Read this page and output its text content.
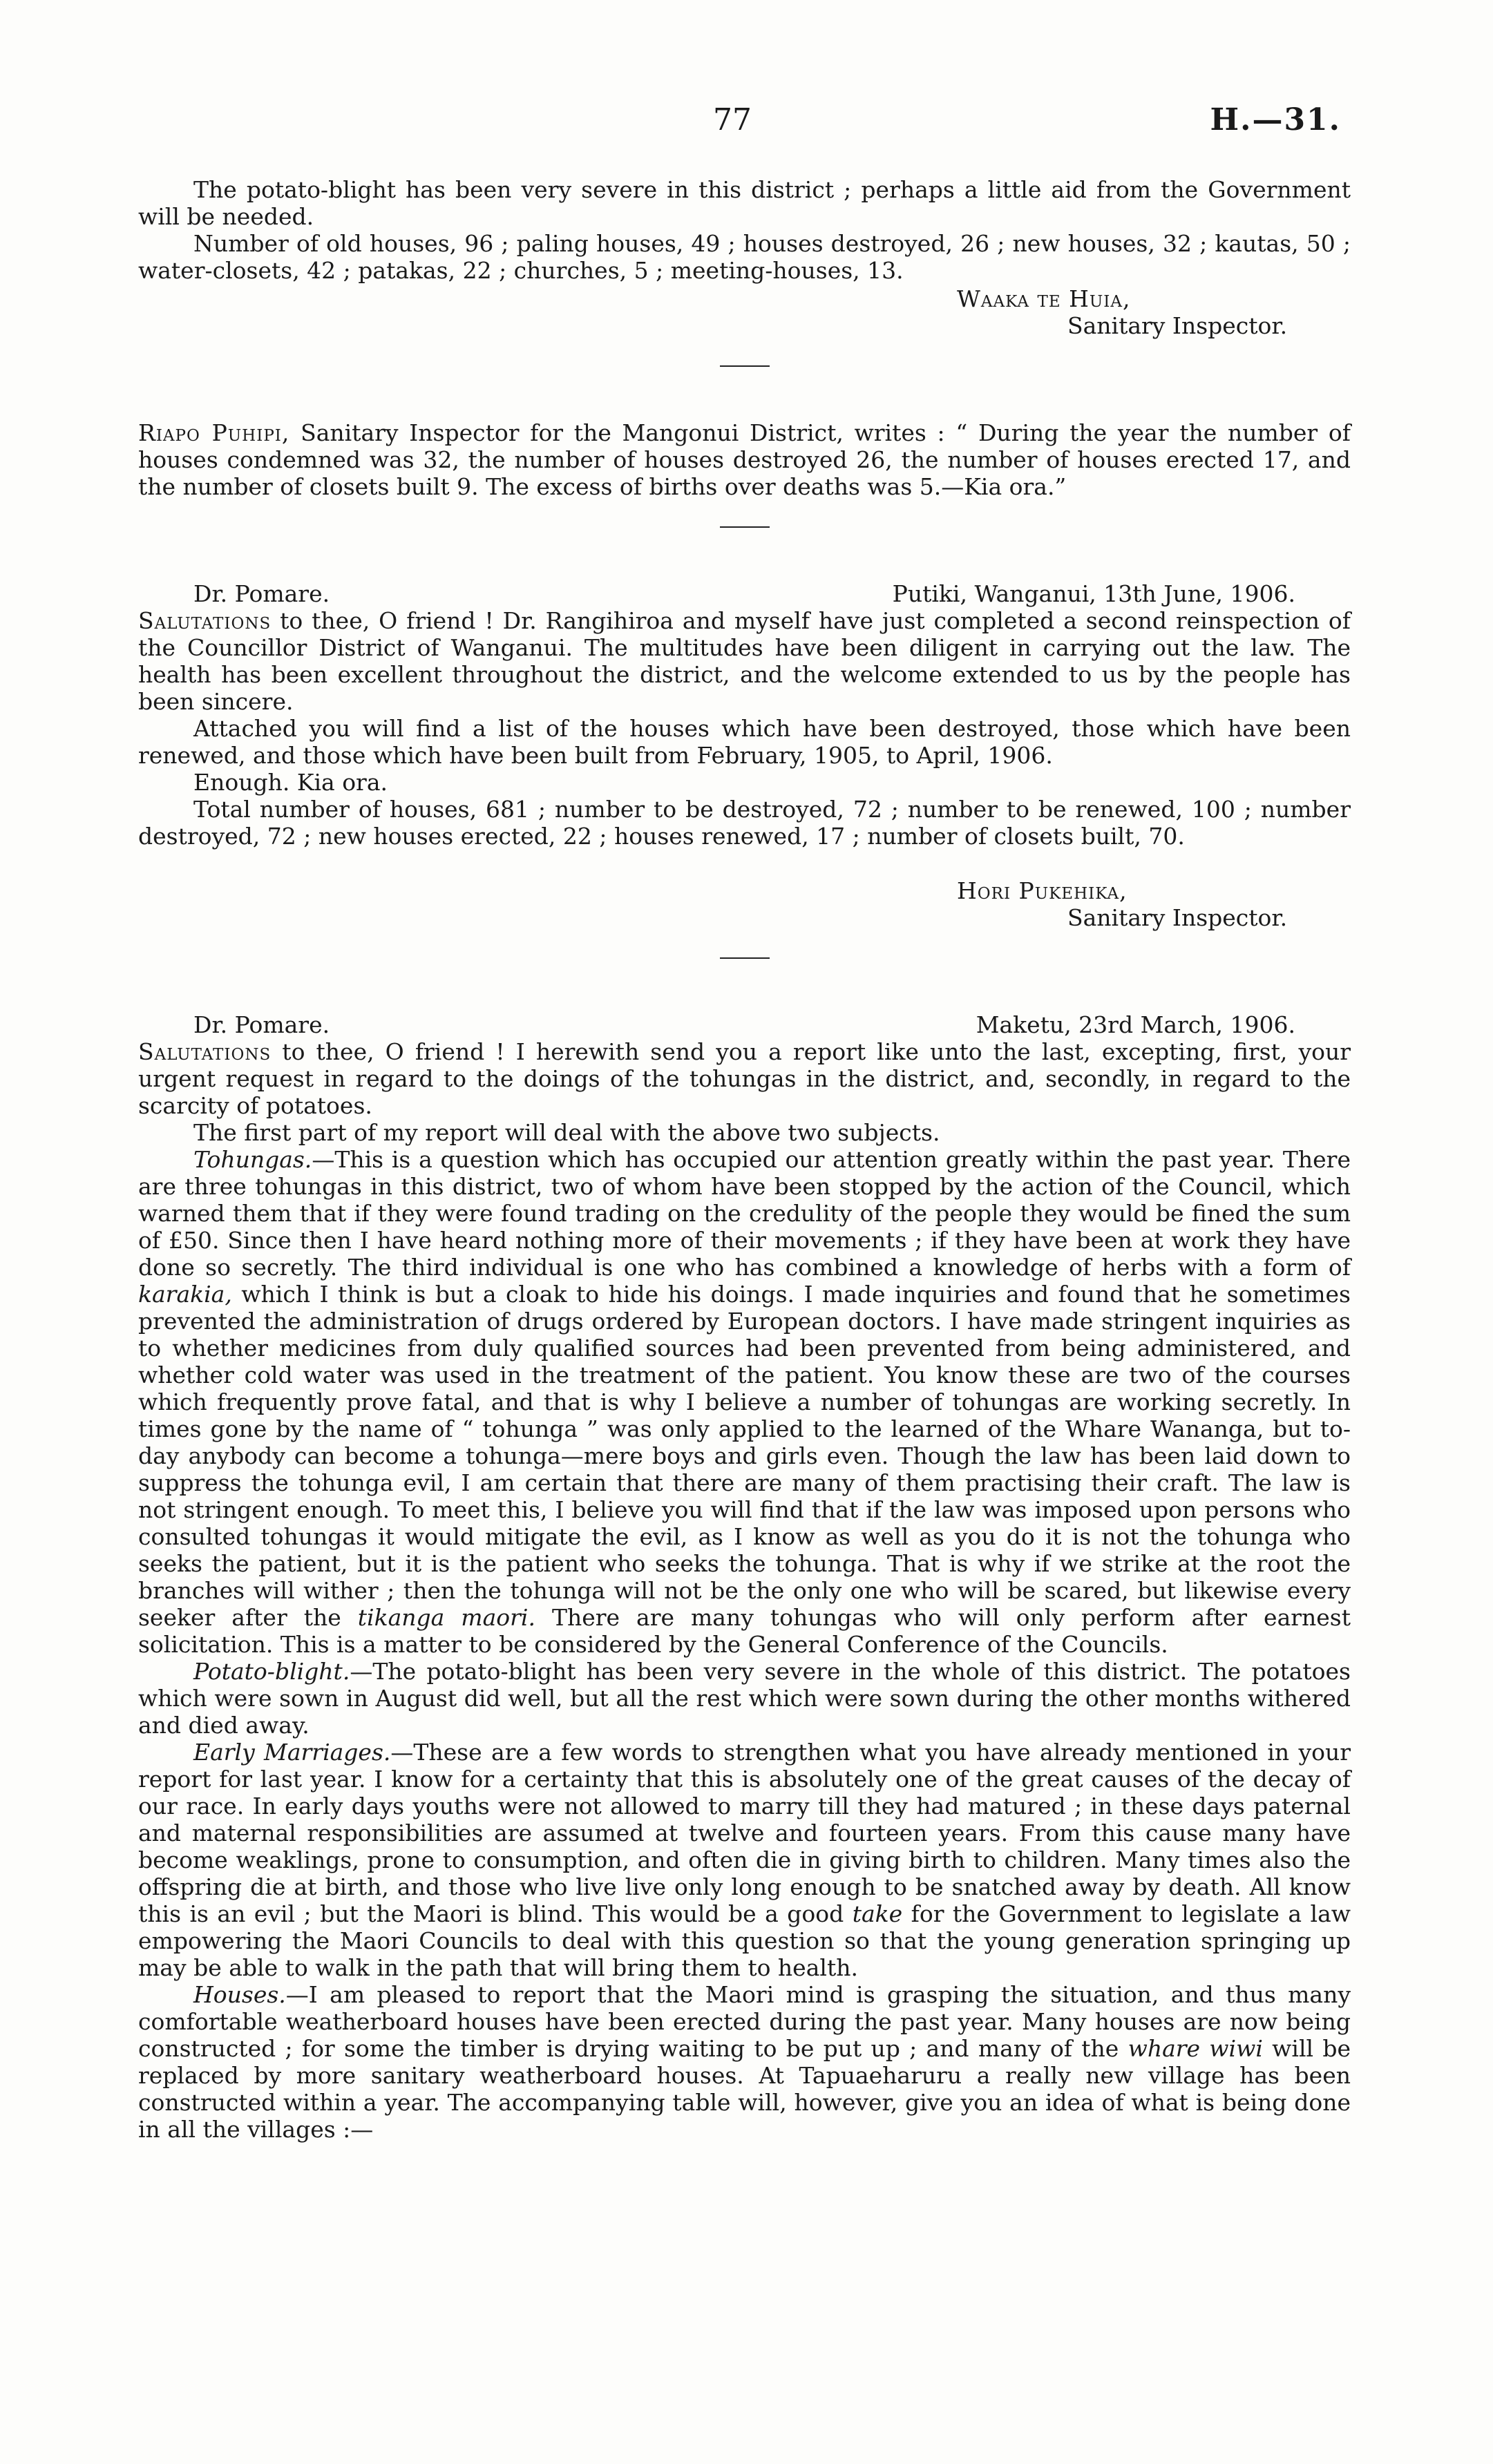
77	H.—31.

The potato-blight has been very severe in this district ; perhaps a little aid from the Government will be needed.

Number of old houses, 96 ; paling houses, 49 ; houses destroyed, 26 ; new houses, 32 ; kautas, 50 ; water-closets, 42 ; patakas, 22 ; churches, 5 ; meeting-houses, 13.

Waaka te Huia,
Sanitary Inspector.

Riapo Puhipi, Sanitary Inspector for the Mangonui District, writes : “ During the year the number of houses condemned was 32, the number of houses destroyed 26, the number of houses erected 17, and the number of closets built 9. The excess of births over deaths was 5.—Kia ora.”

Dr. Pomare.	Putiki, Wanganui, 13th June, 1906.

Salutations to thee, O friend ! Dr. Rangihiroa and myself have just completed a second reinspection of the Councillor District of Wanganui. The multitudes have been diligent in carrying out the law. The health has been excellent throughout the district, and the welcome extended to us by the people has been sincere.

Attached you will find a list of the houses which have been destroyed, those which have been renewed, and those which have been built from February, 1905, to April, 1906.

Enough. Kia ora.

Total number of houses, 681 ; number to be destroyed, 72 ; number to be renewed, 100 ; number destroyed, 72 ; new houses erected, 22 ; houses renewed, 17 ; number of closets built, 70.

Hori Pukehika,
Sanitary Inspector.
Dr. Pomare.	Maketu, 23rd March, 1906.

Salutations to thee, O friend ! I herewith send you a report like unto the last, excepting, first, your urgent request in regard to the doings of the tohungas in the district, and, secondly, in regard to the scarcity of potatoes.

The first part of my report will deal with the above two subjects.

Tohungas.—This is a question which has occupied our attention greatly within the past year. There are three tohungas in this district, two of whom have been stopped by the action of the Council, which warned them that if they were found trading on the credulity of the people they would be fined the sum of £50. Since then I have heard nothing more of their movements ; if they have been at work they have done so secretly. The third individual is one who has combined a knowledge of herbs with a form of karakia, which I think is but a cloak to hide his doings. I made inquiries and found that he sometimes prevented the administration of drugs ordered by European doctors. I have made stringent inquiries as to whether medicines from duly qualified sources had been prevented from being administered, and whether cold water was used in the treatment of the patient. You know these are two of the courses which frequently prove fatal, and that is why I believe a number of tohungas are working secretly. In times gone by the name of “ tohunga ” was only applied to the learned of the Whare Wananga, but to-day anybody can become a tohunga—mere boys and girls even. Though the law has been laid down to suppress the tohunga evil, I am certain that there are many of them practising their craft. The law is not stringent enough. To meet this, I believe you will find that if the law was imposed upon persons who consulted tohungas it would mitigate the evil, as I know as well as you do it is not the tohunga who seeks the patient, but it is the patient who seeks the tohunga. That is why if we strike at the root the branches will wither ; then the tohunga will not be the only one who will be scared, but likewise every seeker after the tikanga maori. There are many tohungas who will only perform after earnest solicitation. This is a matter to be considered by the General Conference of the Councils.

Potato-blight.—The potato-blight has been very severe in the whole of this district. The potatoes which were sown in August did well, but all the rest which were sown during the other months withered and died away.

Early Marriages.—These are a few words to strengthen what you have already mentioned in your report for last year. I know for a certainty that this is absolutely one of the great causes of the decay of our race. In early days youths were not allowed to marry till they had matured ; in these days paternal and maternal responsibilities are assumed at twelve and fourteen years. From this cause many have become weaklings, prone to consumption, and often die in giving birth to children. Many times also the offspring die at birth, and those who live live only long enough to be snatched away by death. All know this is an evil ; but the Maori is blind. This would be a good take for the Government to legislate a law empowering the Maori Councils to deal with this question so that the young generation springing up may be able to walk in the path that will bring them to health.

Houses.—I am pleased to report that the Maori mind is grasping the situation, and thus many comfortable weatherboard houses have been erected during the past year. Many houses are now being constructed ; for some the timber is drying waiting to be put up ; and many of the whare wiwi will be replaced by more sanitary weatherboard houses. At Tapuaeharuru a really new village has been constructed within a year. The accompanying table will, however, give you an idea of what is being done in all the villages :—
